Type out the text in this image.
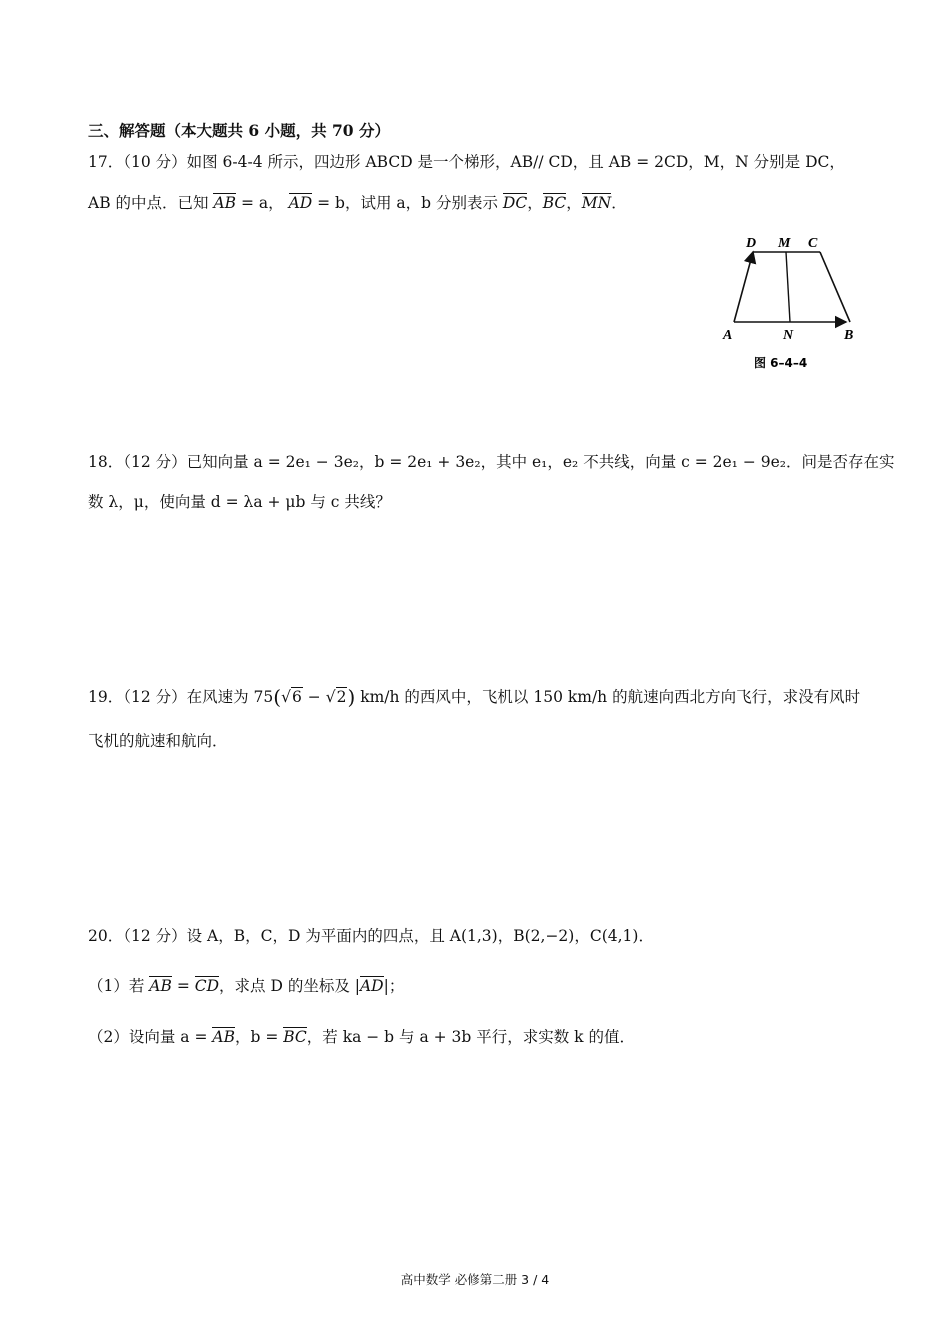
三、解答题（本大题共 6 小题，共 70 分）
17．（10 分）如图 6-4-4 所示，四边形 ABCD 是一个梯形，AB// CD，且 AB = 2CD，M，N 分别是 DC，
AB 的中点．已知 AB = a， AD = b，试用 a，b 分别表示 DC，BC，MN．
D M C
A	N	B
图 6–4–4
18．（12 分）已知向量 a = 2e₁ − 3e₂，b = 2e₁ + 3e₂，其中 e₁，e₂ 不共线，向量 c = 2e₁ − 9e₂．问是否存在实
数 λ，μ，使向量 d = λa + μb 与 c 共线？
19．（12 分）在风速为 75(√6 − √2) km/h 的西风中，飞机以 150 km/h 的航速向西北方向飞行，求没有风时
飞机的航速和航向．
20．（12 分）设 A，B，C，D 为平面内的四点，且 A(1,3)，B(2,−2)，C(4,1)．
（1）若 AB = CD，求点 D 的坐标及 |AD|；
（2）设向量 a = AB，b = BC，若 ka − b 与 a + 3b 平行，求实数 k 的值．
高中数学 必修第二册 3 / 4
